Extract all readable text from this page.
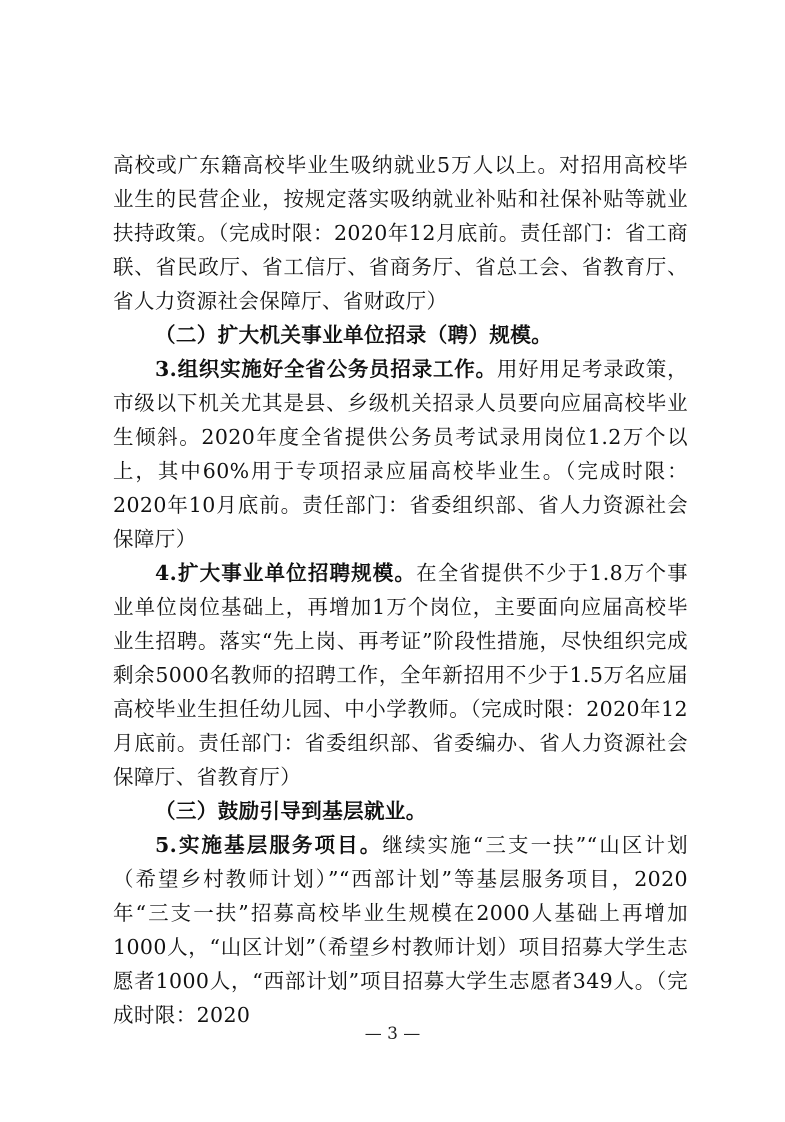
高校或广东籍高校毕业生吸纳就业5万人以上。对招用高校毕业生的民营企业，按规定落实吸纳就业补贴和社保补贴等就业扶持政策。（完成时限：2020年12月底前。责任部门：省工商联、省民政厅、省工信厅、省商务厅、省总工会、省教育厅、省人力资源社会保障厅、省财政厅）

（二）扩大机关事业单位招录（聘）规模。

3.组织实施好全省公务员招录工作。用好用足考录政策，市级以下机关尤其是县、乡级机关招录人员要向应届高校毕业生倾斜。2020年度全省提供公务员考试录用岗位1.2万个以上，其中60%用于专项招录应届高校毕业生。（完成时限：2020年10月底前。责任部门：省委组织部、省人力资源社会保障厅）

4.扩大事业单位招聘规模。在全省提供不少于1.8万个事业单位岗位基础上，再增加1万个岗位，主要面向应届高校毕业生招聘。落实“先上岗、再考证”阶段性措施，尽快组织完成剩余5000名教师的招聘工作，全年新招用不少于1.5万名应届高校毕业生担任幼儿园、中小学教师。（完成时限：2020年12月底前。责任部门：省委组织部、省委编办、省人力资源社会保障厅、省教育厅）

（三）鼓励引导到基层就业。

5.实施基层服务项目。继续实施“三支一扶”“山区计划（希望乡村教师计划）”“西部计划”等基层服务项目，2020年“三支一扶”招募高校毕业生规模在2000人基础上再增加1000人，“山区计划”（希望乡村教师计划）项目招募大学生志愿者1000人，“西部计划”项目招募大学生志愿者349人。（完成时限：2020

— 3 —
